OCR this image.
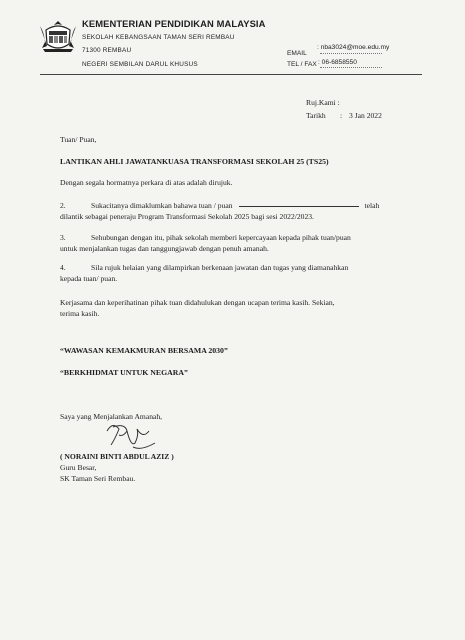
KEMENTERIAN PENDIDIKAN MALAYSIA
SEKOLAH KEBANGSAAN TAMAN SERI REMBAU
71300 REMBAU
NEGERI SEMBILAN DARUL KHUSUS
EMAIL
: nba3024@moe.edu.my
TEL / FAX : 06-6858550
Ruj.Kami :
Tarikh : 3 Jan 2022
Tuan/ Puan,
LANTIKAN AHLI JAWATANKUASA TRANSFORMASI SEKOLAH 25 (TS25)
Dengan segala hormatnya perkara di atas adalah dirujuk.
2.	Sukacitanya dimaklumkan bahawa tuan / puan	telah
dilantik sebagai peneraju Program Transformasi Sekolah 2025 bagi sesi 2022/2023.
3.	Sehubungan dengan itu, pihak sekolah memberi kepercayaan kepada pihak tuan/puan
untuk menjalankan tugas dan tanggungjawab dengan penuh amanah.
4.	Sila rujuk helaian yang dilampirkan berkenaan jawatan dan tugas yang diamanahkan
kepada tuan/ puan.
Kerjasama dan keperihatinan pihak tuan didahulukan dengan ucapan terima kasih. Sekian,
terima kasih.
“WAWASAN KEMAKMURAN BERSAMA 2030”
“BERKHIDMAT UNTUK NEGARA”
Saya yang Menjalankan Amanah,
( NORAINI BINTI ABDUL AZIZ )
Guru Besar,
SK Taman Seri Rembau.
